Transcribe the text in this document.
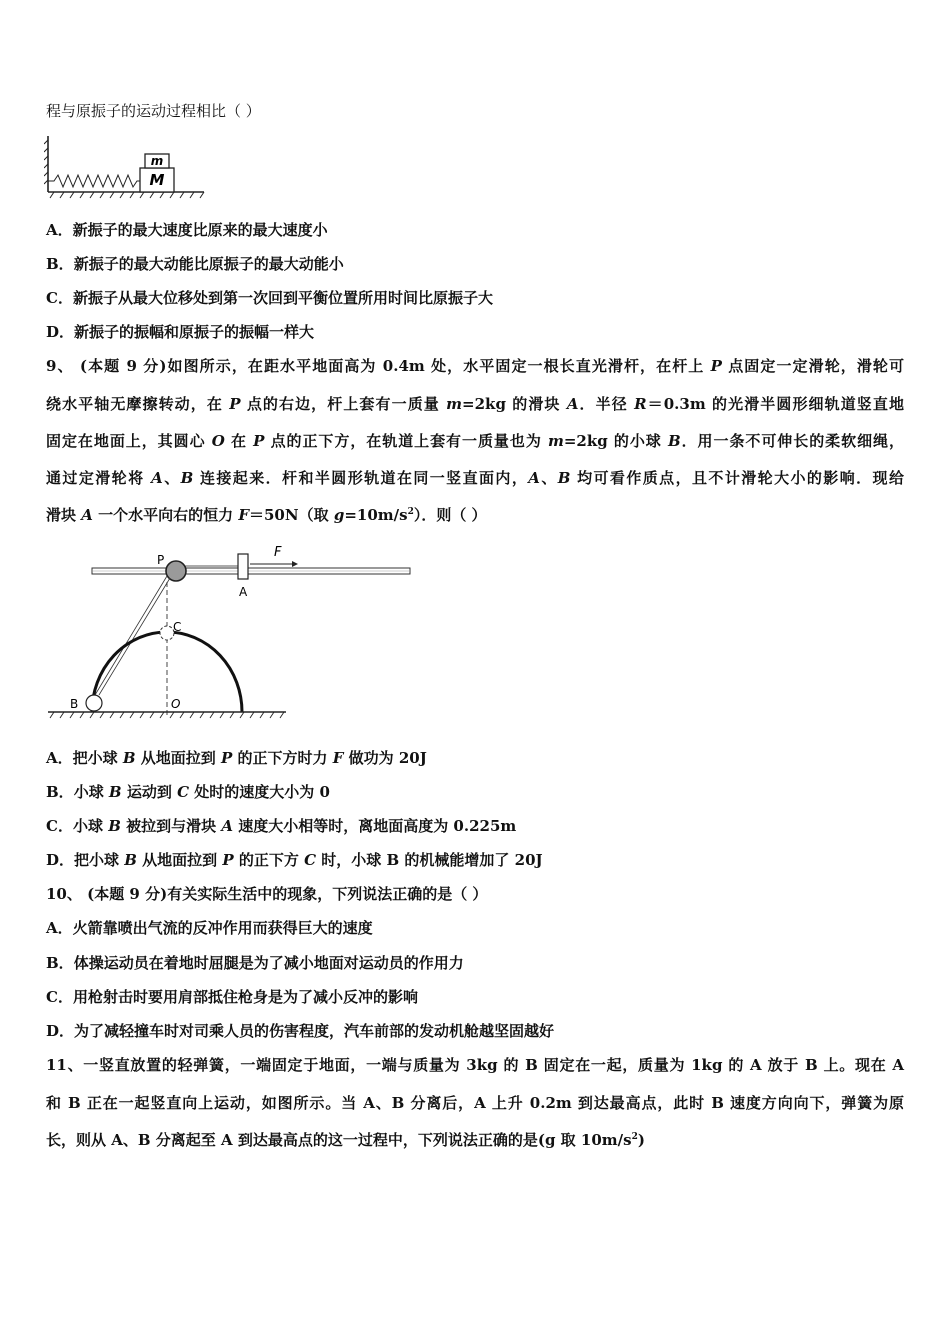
程与原振子的运动过程相比（ ）
M
m
A．新振子的最大速度比原来的最大速度小
B．新振子的最大动能比原振子的最大动能小
C．新振子从最大位移处到第一次回到平衡位置所用时间比原振子大
D．新振子的振幅和原振子的振幅一样大
9、 (本题 9 分)如图所示，在距水平地面高为 0.4m 处，水平固定一根长直光滑杆，在杆上 P 点固定一定滑轮，滑轮可
绕水平轴无摩擦转动，在 P 点的右边，杆上套有一质量 m=2kg 的滑块 A．半径 R＝0.3m 的光滑半圆形细轨道竖直地
固定在地面上，其圆心 O 在 P 点的正下方，在轨道上套有一质量也为 m=2kg 的小球 B．用一条不可伸长的柔软细绳，
通过定滑轮将 A、B 连接起来．杆和半圆形轨道在同一竖直面内，A、B 均可看作质点，且不计滑轮大小的影响．现给
滑块 A 一个水平向右的恒力 F＝50N（取 $g=10m/s^2$）．则（ ）
P
A
F
C
B	O
A．把小球 B 从地面拉到 P 的正下方时力 F 做功为 20J
B．小球 B 运动到 C 处时的速度大小为 0
C．小球 B 被拉到与滑块 A 速度大小相等时，离地面高度为 0.225m
D．把小球 B 从地面拉到 P 的正下方 C 时，小球 B 的机械能增加了 20J
10、 (本题 9 分)有关实际生活中的现象，下列说法正确的是（ ）
A．火箭靠喷出气流的反冲作用而获得巨大的速度
B．体操运动员在着地时屈腿是为了减小地面对运动员的作用力
C．用枪射击时要用肩部抵住枪身是为了减小反冲的影响
D．为了减轻撞车时对司乘人员的伤害程度，汽车前部的发动机舱越坚固越好
11、一竖直放置的轻弹簧，一端固定于地面，一端与质量为 3kg 的 B 固定在一起，质量为 1kg 的 A 放于 B 上。现在 A
和 B 正在一起竖直向上运动，如图所示。当 A、B 分离后，A 上升 0.2m 到达最高点，此时 B 速度方向向下，弹簧为原
长，则从 A、B 分离起至 A 到达最高点的这一过程中，下列说法正确的是(g 取 $10m/s^2$)
